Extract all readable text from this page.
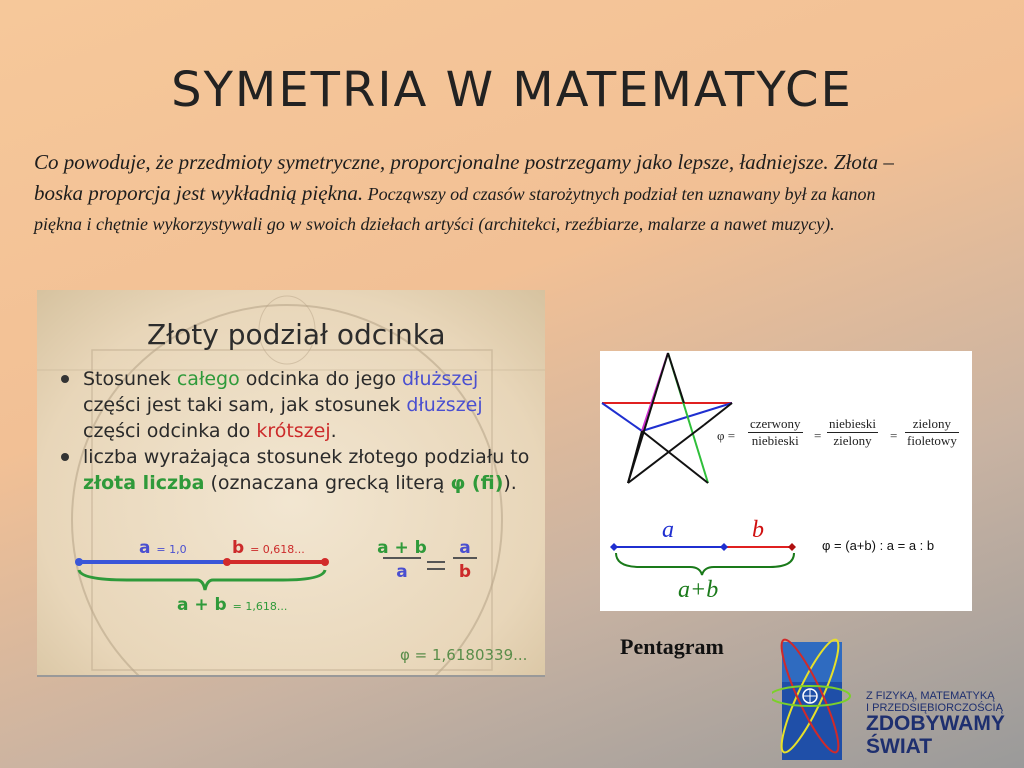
SYMETRIA W MATEMATYCE
Co powoduje, że przedmioty symetryczne, proporcjonalne postrzegamy jako lepsze, ładniejsze. Złota – boska proporcja jest wykładnią piękna. Począwszy od czasów starożytnych podział ten uznawany był za kanon piękna i chętnie wykorzystywali go w swoich dziełach artyści (architekci, rzeźbiarze, malarze a nawet muzycy).
Złoty podział odcinka
Stosunek całego odcinka do jego dłuższej części jest taki sam, jak stosunek dłuższej części odcinka do krótszej.
liczba wyrażająca stosunek złotego podziału to złota liczba (oznaczana grecką literą φ (fi)).
a = 1,0	b = 0,618...
a + b = 1,618...
a + b
a
a
b
φ = 1,6180339...
φ =
czerwony
niebieski =
niebieski
zielony	=
zielony
fioletowy
a	b
a+b
φ = (a+b) : a = a : b
Pentagram
Z FIZYKĄ, MATEMATYKĄ
I PRZEDSIĘBIORCZOŚCIĄ
ZDOBYWAMY
ŚWIAT
